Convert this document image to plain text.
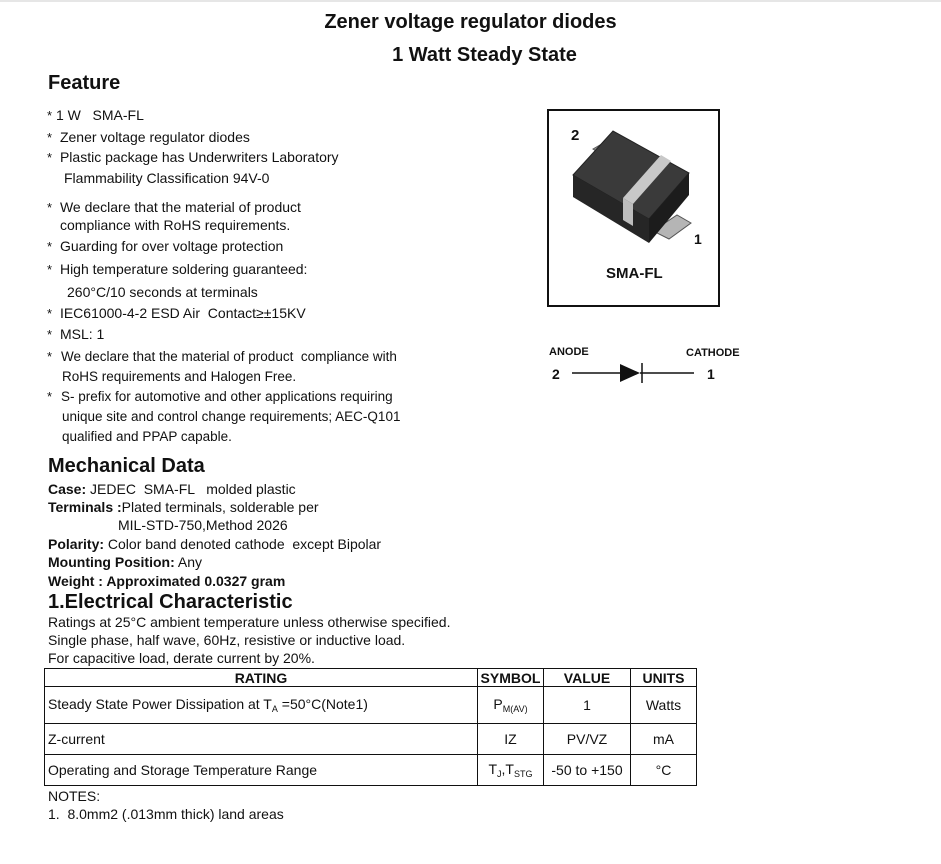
Zener voltage regulator diodes
1 Watt Steady State
Feature
* 1 W   SMA-FL
* Zener voltage regulator diodes
* Plastic package has Underwriters Laboratory
Flammability Classification 94V-0
* We declare that the material of product
compliance with RoHS requirements.
* Guarding for over voltage protection
* High temperature soldering guaranteed:
260°C/10 seconds at terminals
* IEC61000-4-2 ESD Air  Contact≥±15KV
* MSL: 1
* We declare that the material of product  compliance with
RoHS requirements and Halogen Free.
* S- prefix for automotive and other applications requiring
unique site and control change requirements; AEC-Q101
qualified and PPAP capable.
2
1
SMA-FL
ANODE	CATHODE
2	1
Mechanical Data
Case: JEDEC  SMA-FL   molded plastic
Terminals :Plated terminals, solderable per
MIL-STD-750,Method 2026
Polarity: Color band denoted cathode  except Bipolar
Mounting Position: Any
Weight : Approximated 0.0327 gram
1.Electrical Characteristic
Ratings at 25°C ambient temperature unless otherwise specified.
Single phase, half wave, 60Hz, resistive or inductive load.
For capacitive load, derate current by 20%.
RATING	SYMBOL	VALUE	UNITS
Steady State Power Dissipation at $T_A$ =50°C(Note1)	$P_{M(AV)}$	1	Watts
Z-current	IZ	PV/VZ	mA
Operating and Storage Temperature Range	$T_J,T_{STG}$	-50 to +150	°C
NOTES:
1.  8.0mm2 (.013mm thick) land areas
